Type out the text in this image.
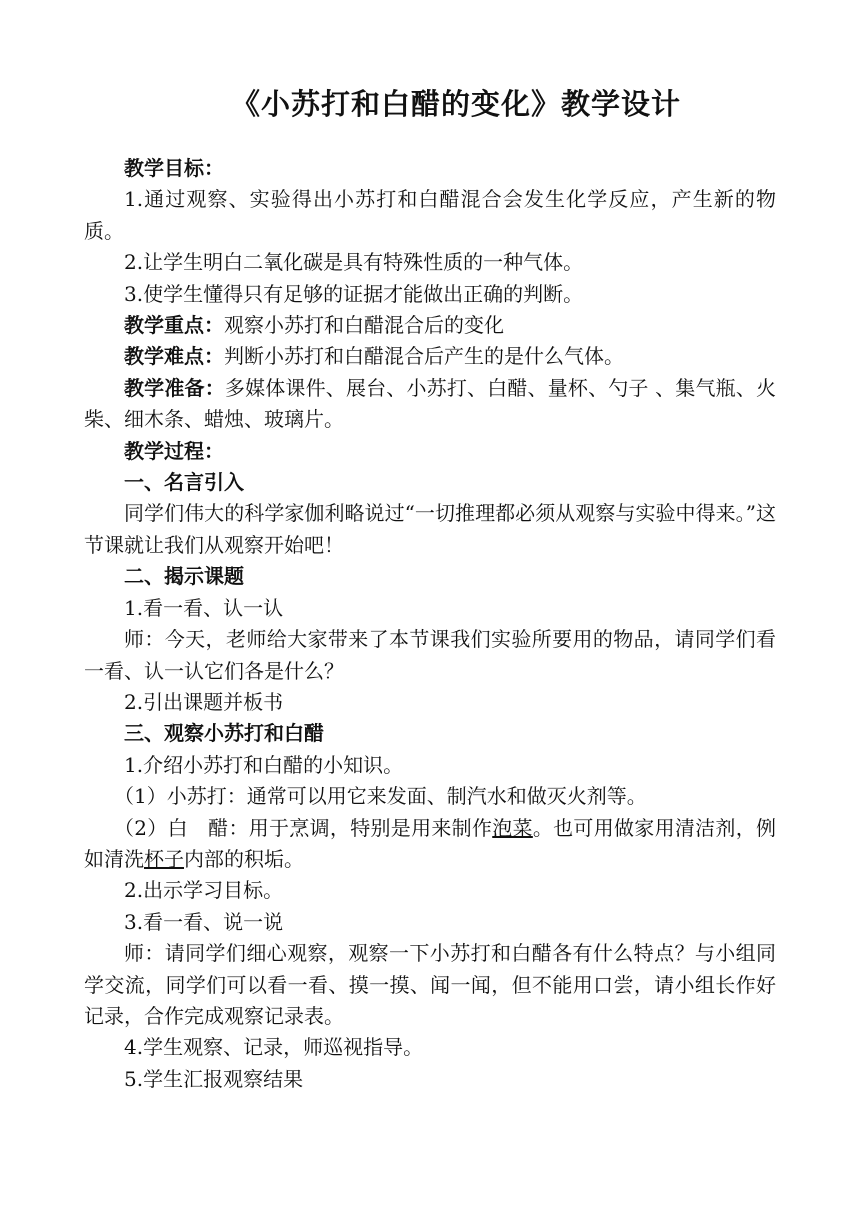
《小苏打和白醋的变化》教学设计

教学目标：

1.通过观察、实验得出小苏打和白醋混合会发生化学反应，产生新的物质。

2.让学生明白二氧化碳是具有特殊性质的一种气体。

3.使学生懂得只有足够的证据才能做出正确的判断。

教学重点：观察小苏打和白醋混合后的变化

教学难点：判断小苏打和白醋混合后产生的是什么气体。

教学准备：多媒体课件、展台、小苏打、白醋、量杯、勺子 、集气瓶、火柴、细木条、蜡烛、玻璃片。

教学过程：

一、名言引入

同学们伟大的科学家伽利略说过“一切推理都必须从观察与实验中得来。”这节课就让我们从观察开始吧！

二、揭示课题

1.看一看、认一认

师：今天，老师给大家带来了本节课我们实验所要用的物品，请同学们看一看、认一认它们各是什么？

2.引出课题并板书

三、观察小苏打和白醋

1.介绍小苏打和白醋的小知识。

（1）小苏打：通常可以用它来发面、制汽水和做灭火剂等。

（2）白　醋：用于烹调，特别是用来制作泡菜。也可用做家用清洁剂，例如清洗杯子内部的积垢。

2.出示学习目标。

3.看一看、说一说

师：请同学们细心观察，观察一下小苏打和白醋各有什么特点？与小组同学交流，同学们可以看一看、摸一摸、闻一闻，但不能用口尝，请小组长作好记录，合作完成观察记录表。

4.学生观察、记录，师巡视指导。

5.学生汇报观察结果
